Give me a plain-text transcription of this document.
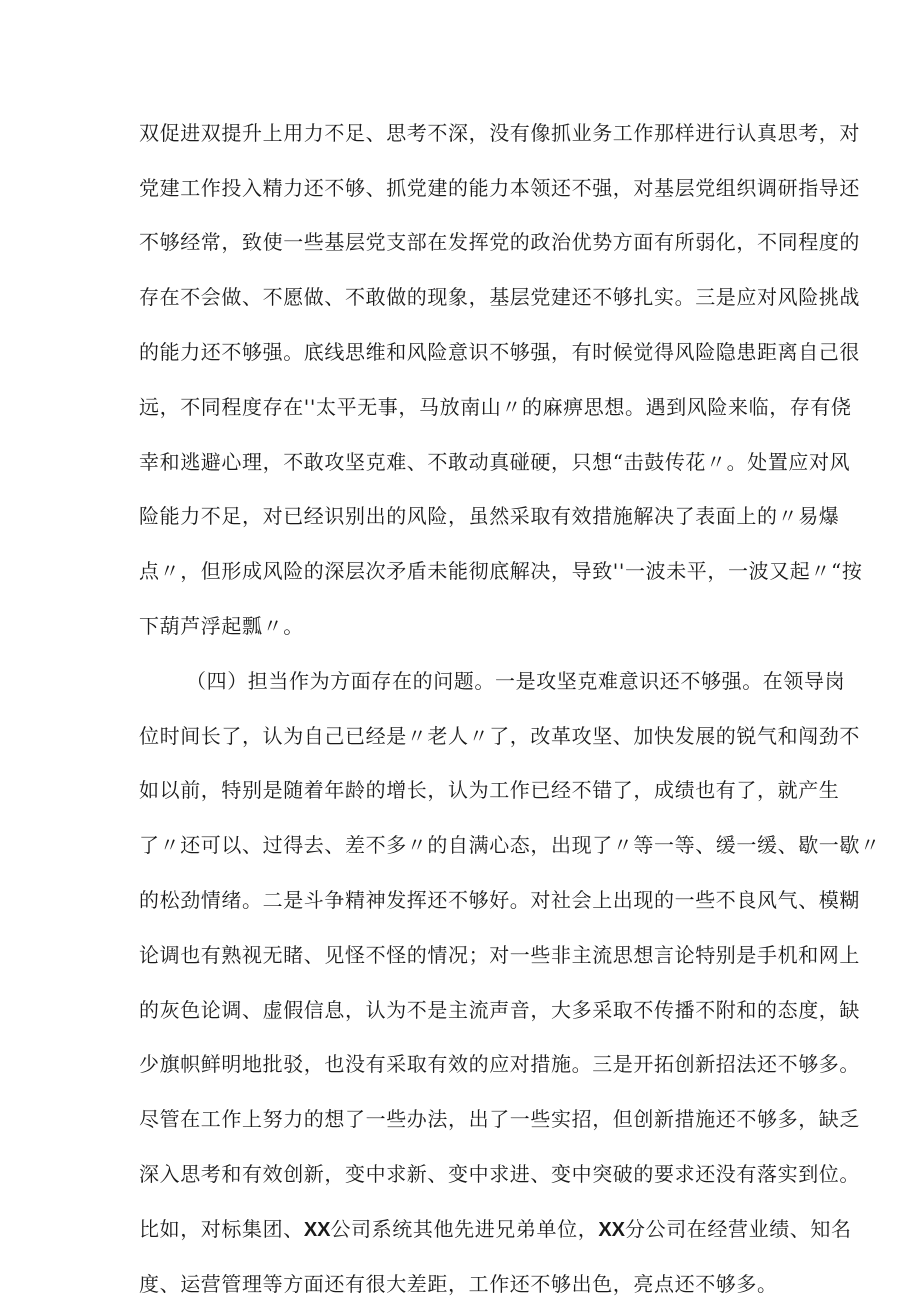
双促进双提升上用力不足、思考不深，没有像抓业务工作那样进行认真思考，对
党建工作投入精力还不够、抓党建的能力本领还不强，对基层党组织调研指导还
不够经常，致使一些基层党支部在发挥党的政治优势方面有所弱化，不同程度的
存在不会做、不愿做、不敢做的现象，基层党建还不够扎实。三是应对风险挑战
的能力还不够强。底线思维和风险意识不够强，有时候觉得风险隐患距离自己很
远，不同程度存在''太平无事，马放南山〃的麻痹思想。遇到风险来临，存有侥
幸和逃避心理，不敢攻坚克难、不敢动真碰硬，只想“击鼓传花〃。处置应对风
险能力不足，对已经识别出的风险，虽然采取有效措施解决了表面上的〃易爆
点〃，但形成风险的深层次矛盾未能彻底解决，导致''一波未平，一波又起〃“按
下葫芦浮起瓢〃。
（四）担当作为方面存在的问题。一是攻坚克难意识还不够强。在领导岗
位时间长了，认为自己已经是〃老人〃了，改革攻坚、加快发展的锐气和闯劲不
如以前，特别是随着年龄的增长，认为工作已经不错了，成绩也有了，就产生
了〃还可以、过得去、差不多〃的自满心态，出现了〃等一等、缓一缓、歇一歇〃
的松劲情绪。二是斗争精神发挥还不够好。对社会上出现的一些不良风气、模糊
论调也有熟视无睹、见怪不怪的情况；对一些非主流思想言论特别是手机和网上
的灰色论调、虚假信息，认为不是主流声音，大多采取不传播不附和的态度，缺
少旗帜鲜明地批驳，也没有采取有效的应对措施。三是开拓创新招法还不够多。
尽管在工作上努力的想了一些办法，出了一些实招，但创新措施还不够多，缺乏
深入思考和有效创新，变中求新、变中求进、变中突破的要求还没有落实到位。
比如，对标集团、XX公司系统其他先进兄弟单位，XX分公司在经营业绩、知名
度、运营管理等方面还有很大差距，工作还不够出色，亮点还不够多。
